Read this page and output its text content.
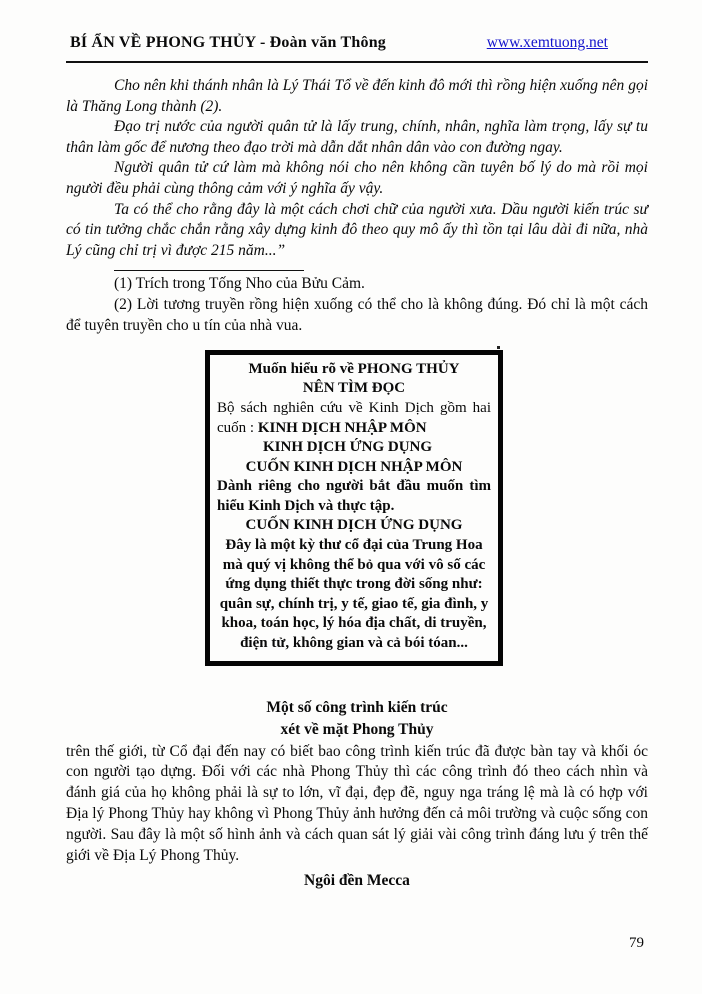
BÍ ẨN VỀ PHONG THỦY - Đoàn văn Thông	www.xemtuong.net

Cho nên khi thánh nhân là Lý Thái Tổ về đến kinh đô mới thì rồng hiện xuống nên gọi là Thăng Long thành (2).

Đạo trị nước của người quân tử là lấy trung, chính, nhân, nghĩa làm trọng, lấy sự tu thân làm gốc để nương theo đạo trời mà dẫn dắt nhân dân vào con đường ngay.

Người quân tử cứ làm mà không nói cho nên không cần tuyên bố lý do mà rồi mọi người đều phải cùng thông cảm với ý nghĩa ấy vậy.

Ta có thể cho rằng đây là một cách chơi chữ của người xưa. Dầu người kiến trúc sư có tin tưởng chắc chắn rằng xây dựng kinh đô theo quy mô ấy thì tồn tại lâu dài đi nữa, nhà Lý cũng chỉ trị vì được 215 năm...”

(1) Trích trong Tống Nho của Bửu Cảm.

(2) Lời tương truyền rồng hiện xuống có thể cho là không đúng. Đó chỉ là một cách để tuyên truyền cho u tín của nhà vua.

Muốn hiểu rõ về PHONG THỦY
NÊN TÌM ĐỌC
Bộ sách nghiên cứu về Kinh Dịch gồm hai cuốn : KINH DỊCH NHẬP MÔN
KINH DỊCH ỨNG DỤNG
CUỐN KINH DỊCH NHẬP MÔN
Dành riêng cho người bắt đầu muốn tìm hiểu Kinh Dịch và thực tập.
CUỐN KINH DỊCH ỨNG DỤNG
Đây là một kỳ thư cổ đại của Trung Hoa mà quý vị không thể bỏ qua với vô số các ứng dụng thiết thực trong đời sống như: quân sự, chính trị, y tế, giao tế, gia đình, y khoa, toán học, lý hóa địa chất, di truyền, điện tử, không gian và cả bói tóan...
Một số công trình kiến trúc
xét về mặt Phong Thủy

trên thế giới, từ Cổ đại đến nay có biết bao công trình kiến trúc đã được bàn tay và khối óc con người tạo dựng. Đối với các nhà Phong Thủy thì các công trình đó theo cách nhìn và đánh giá của họ không phải là sự to lớn, vĩ đại, đẹp đẽ, nguy nga tráng lệ mà là có hợp với Địa lý Phong Thủy hay không vì Phong Thủy ảnh hưởng đến cả môi trường và cuộc sống con người. Sau đây là một số hình ảnh và cách quan sát lý giải vài công trình đáng lưu ý trên thế giới về Địa Lý Phong Thủy.

Ngôi đền Mecca
79
